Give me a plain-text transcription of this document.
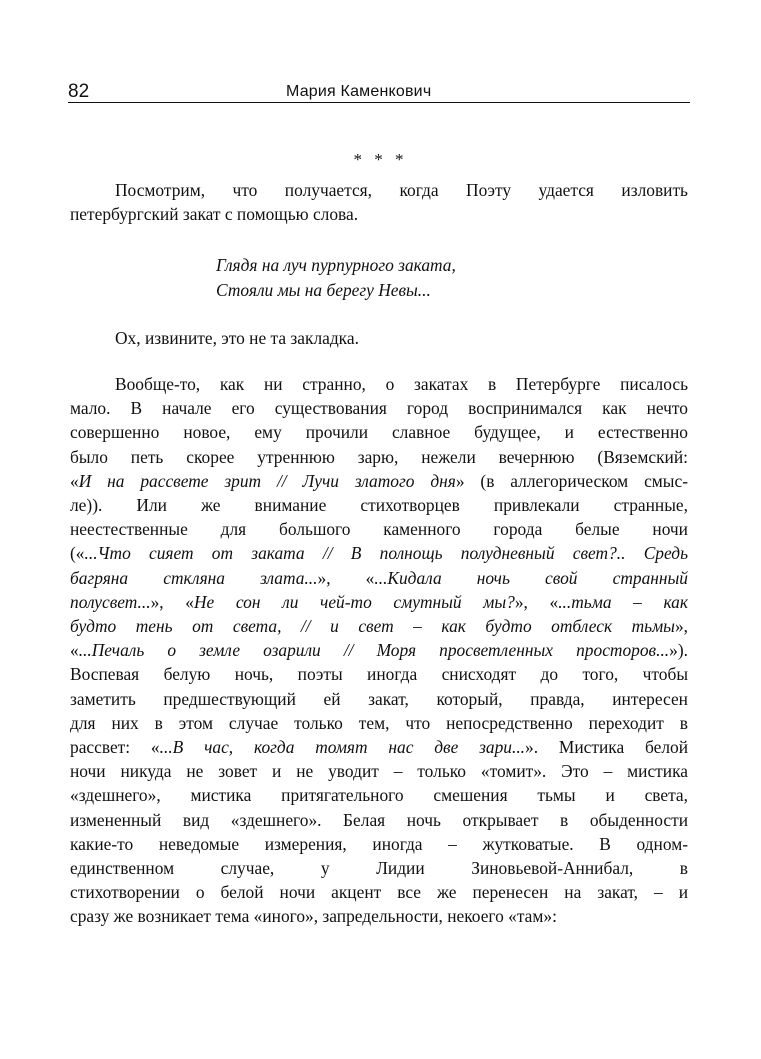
82	Мария Каменкович
* * *
Посмотрим, что получается, когда Поэту удается изловить
петербургский закат с помощью слова.
Глядя на луч пурпурного заката,
Стояли мы на берегу Невы...
Ох, извините, это не та закладка.
Вообще-то, как ни странно, о закатах в Петербурге писалось
мало. В начале его существования город воспринимался как нечто
совершенно новое, ему прочили славное будущее, и естественно
было петь скорее утреннюю зарю, нежели вечернюю (Вяземский:
«И на рассвете зрит // Лучи златого дня» (в аллегорическом смыс-
ле)). Или же внимание стихотворцев привлекали странные,
неестественные для большого каменного города белые ночи
(«...Что сияет от заката // В полнощь полудневный свет?.. Средь
багряна сткляна злата...», «...Кидала ночь свой странный
полусвет...», «Не сон ли чей-то смутный мы?», «...тьма – как
будто тень от света, // и свет – как будто отблеск тьмы»,
«...Печаль о земле озарили // Моря просветленных просторов...»).
Воспевая белую ночь, поэты иногда снисходят до того, чтобы
заметить предшествующий ей закат, который, правда, интересен
для них в этом случае только тем, что непосредственно переходит в
рассвет: «...В час, когда томят нас две зари...». Мистика белой
ночи никуда не зовет и не уводит – только «томит». Это – мистика
«здешнего», мистика притягательного смешения тьмы и света,
измененный вид «здешнего». Белая ночь открывает в обыденности
какие-то неведомые измерения, иногда – жутковатые. В одном-
единственном случае, у Лидии Зиновьевой-Аннибал, в
стихотворении о белой ночи акцент все же перенесен на закат, – и
сразу же возникает тема «иного», запредельности, некоего «там»:
